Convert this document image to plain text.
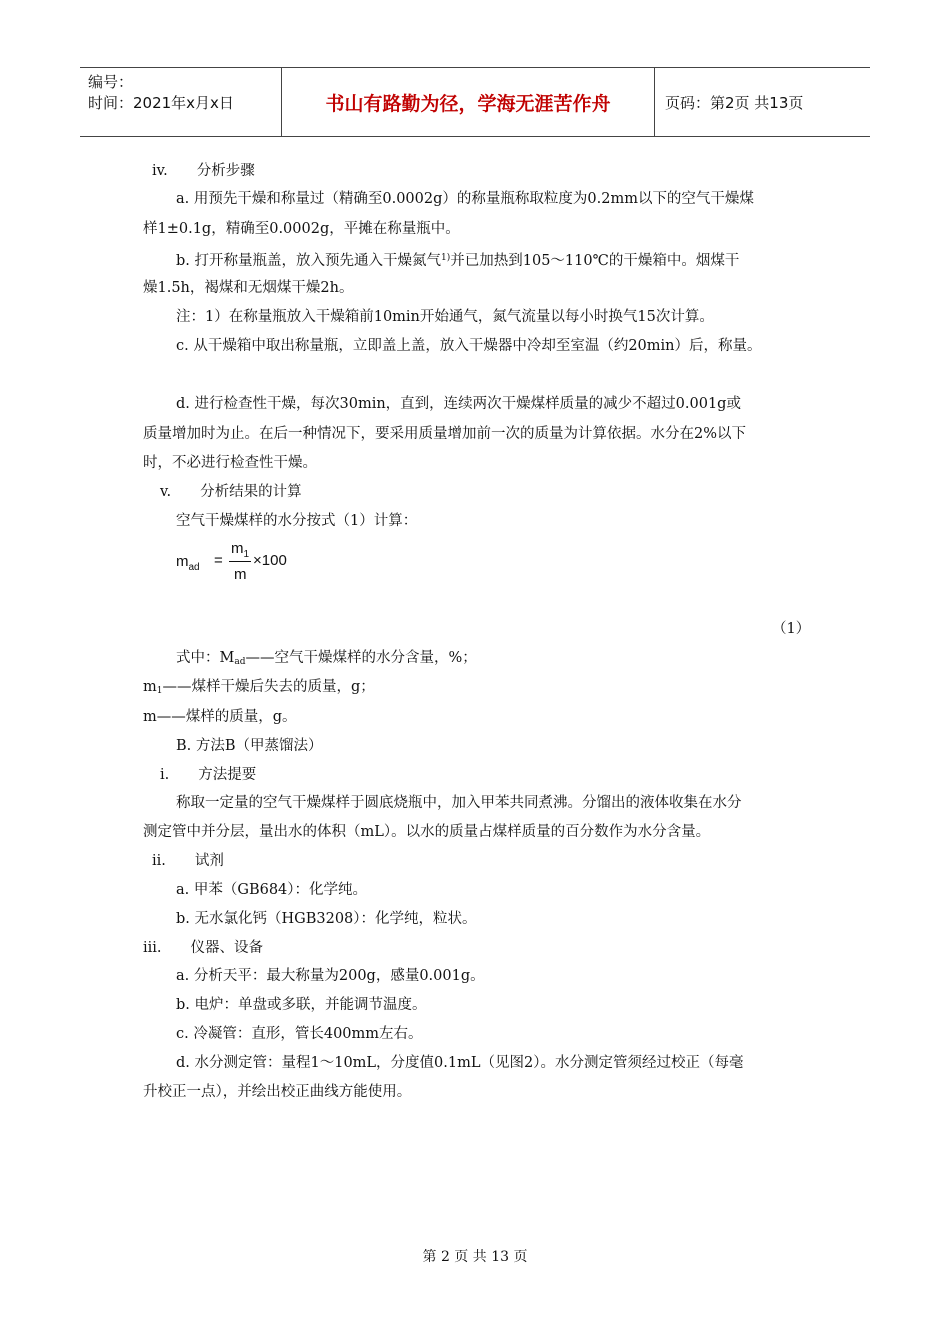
编号：
时间：2021年x月x日	书山有路勤为径，学海无涯苦作舟	页码：第2页 共13页
iv.　　分析步骤
a. 用预先干燥和称量过（精确至0.0002g）的称量瓶称取粒度为0.2mm以下的空气干燥煤
样1±0.1g，精确至0.0002g，平摊在称量瓶中。
b. 打开称量瓶盖，放入预先通入干燥氮气$^{1)}$并已加热到105～110℃的干燥箱中。烟煤干
燥1.5h，褐煤和无烟煤干燥2h。
注：1）在称量瓶放入干燥箱前10min开始通气，氮气流量以每小时换气15次计算。
c. 从干燥箱中取出称量瓶，立即盖上盖，放入干燥器中冷却至室温（约20min）后，称量。
d. 进行检查性干燥，每次30min，直到，连续两次干燥煤样质量的减少不超过0.001g或
质量增加时为止。在后一种情况下，要采用质量增加前一次的质量为计算依据。水分在2%以下
时，不必进行检查性干燥。
v.　　分析结果的计算
空气干燥煤样的水分按式（1）计算：
$m_{ad}$ =
$m_1$
m
×100
（1）
式中：$M_{ad}——$空气干燥煤样的水分含量，%；
$m_1——$煤样干燥后失去的质量，g；
m——煤样的质量，g。
B. 方法B（甲蒸馏法）
i.　　方法提要
称取一定量的空气干燥煤样于圆底烧瓶中，加入甲苯共同煮沸。分馏出的液体收集在水分
测定管中并分层，量出水的体积（mL）。以水的质量占煤样质量的百分数作为水分含量。
ii.　　试剂
a. 甲苯（GB684）：化学纯。
b. 无水氯化钙（HGB3208）：化学纯，粒状。
iii.　　仪器、设备
a. 分析天平：最大称量为200g，感量0.001g。
b. 电炉：单盘或多联，并能调节温度。
c. 冷凝管：直形，管长400mm左右。
d. 水分测定管：量程1～10mL，分度值0.1mL（见图2）。水分测定管须经过校正（每毫
升校正一点），并绘出校正曲线方能使用。
第 2 页 共 13 页
